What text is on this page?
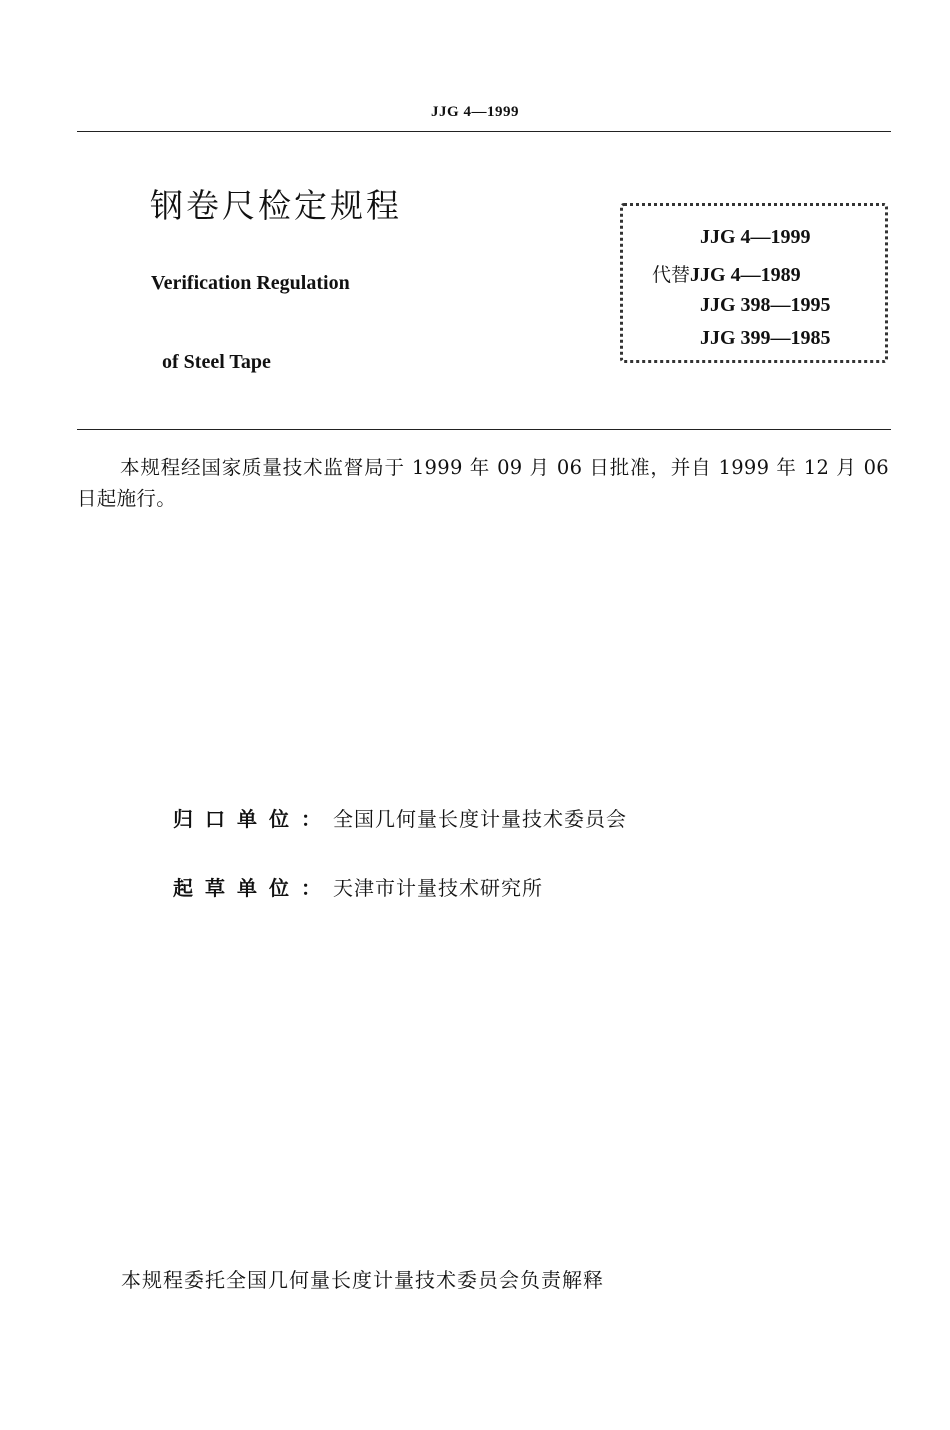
JJG 4—1999
钢卷尺检定规程
Verification Regulation
of Steel Tape
JJG 4—1999
代替JJG 4—1989
JJG 398—1995
JJG 399—1985
本规程经国家质量技术监督局于 1999 年 09 月 06 日批准，并自 1999 年 12 月 06 日起施行。
归口单位：全国几何量长度计量技术委员会
起草单位：天津市计量技术研究所
本规程委托全国几何量长度计量技术委员会负责解释
